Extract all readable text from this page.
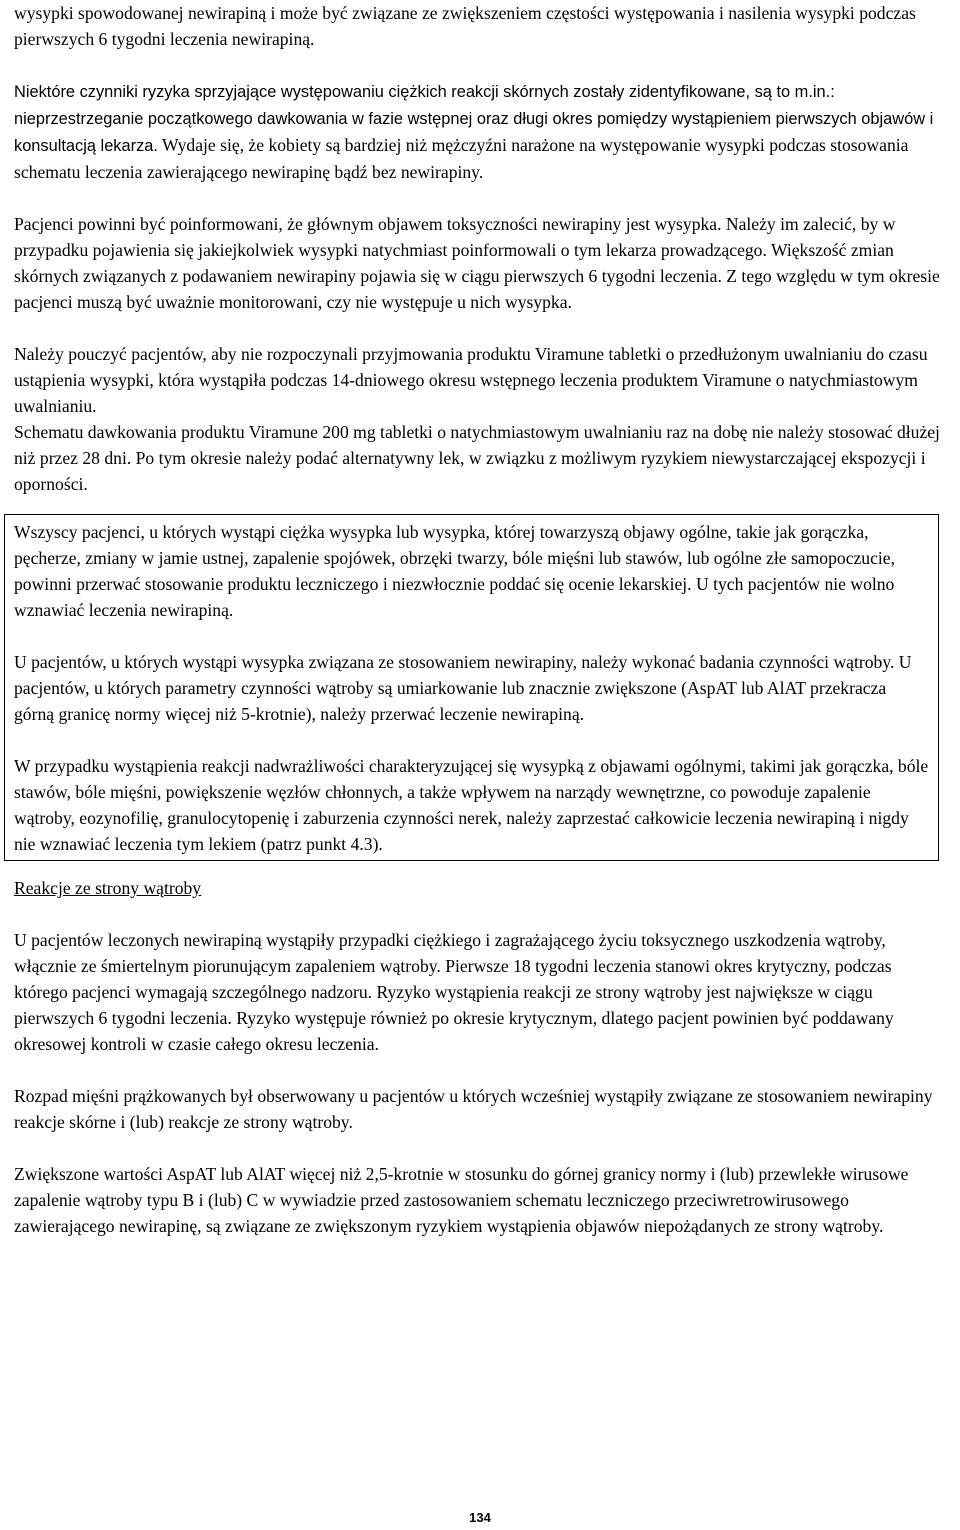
wysypki spowodowanej newirapiną i może być związane ze zwiększeniem częstości występowania i nasilenia wysypki podczas pierwszych 6 tygodni leczenia newirapiną.

Niektóre czynniki ryzyka sprzyjające występowaniu ciężkich reakcji skórnych zostały zidentyfikowane, są to m.in.: nieprzestrzeganie początkowego dawkowania w fazie wstępnej oraz długi okres pomiędzy wystąpieniem pierwszych objawów i konsultacją lekarza. Wydaje się, że kobiety są bardziej niż mężczyźni narażone na występowanie wysypki podczas stosowania schematu leczenia zawierającego newirapinę bądź bez newirapiny.

Pacjenci powinni być poinformowani, że głównym objawem toksyczności newirapiny jest wysypka. Należy im zalecić, by w przypadku pojawienia się jakiejkolwiek wysypki natychmiast poinformowali o tym lekarza prowadzącego. Większość zmian skórnych związanych z podawaniem newirapiny pojawia się w ciągu pierwszych 6 tygodni leczenia. Z tego względu w tym okresie pacjenci muszą być uważnie monitorowani, czy nie występuje u nich wysypka.

Należy pouczyć pacjentów, aby nie rozpoczynali przyjmowania produktu Viramune tabletki o przedłużonym uwalnianiu do czasu ustąpienia wysypki, która wystąpiła podczas 14-dniowego okresu wstępnego leczenia produktem Viramune o natychmiastowym uwalnianiu.

Schematu dawkowania produktu Viramune 200 mg tabletki o natychmiastowym uwalnianiu raz na dobę nie należy stosować dłużej niż przez 28 dni. Po tym okresie należy podać alternatywny lek, w związku z możliwym ryzykiem niewystarczającej ekspozycji i oporności.

Wszyscy pacjenci, u których wystąpi ciężka wysypka lub wysypka, której towarzyszą objawy ogólne, takie jak gorączka, pęcherze, zmiany w jamie ustnej, zapalenie spojówek, obrzęki twarzy, bóle mięśni lub stawów, lub ogólne złe samopoczucie, powinni przerwać stosowanie produktu leczniczego i niezwłocznie poddać się ocenie lekarskiej. U tych pacjentów nie wolno wznawiać leczenia newirapiną.

U pacjentów, u których wystąpi wysypka związana ze stosowaniem newirapiny, należy wykonać badania czynności wątroby. U pacjentów, u których parametry czynności wątroby są umiarkowanie lub znacznie zwiększone (AspAT lub AlAT przekracza górną granicę normy więcej niż 5-krotnie), należy przerwać leczenie newirapiną.

W przypadku wystąpienia reakcji nadwrażliwości charakteryzującej się wysypką z objawami ogólnymi, takimi jak gorączka, bóle stawów, bóle mięśni, powiększenie węzłów chłonnych, a także wpływem na narządy wewnętrzne, co powoduje zapalenie wątroby, eozynofilię, granulocytopenię i zaburzenia czynności nerek, należy zaprzestać całkowicie leczenia newirapiną i nigdy nie wznawiać leczenia tym lekiem (patrz punkt 4.3).

Reakcje ze strony wątroby

U pacjentów leczonych newirapiną wystąpiły przypadki ciężkiego i zagrażającego życiu toksycznego uszkodzenia wątroby, włącznie ze śmiertelnym piorunującym zapaleniem wątroby. Pierwsze 18 tygodni leczenia stanowi okres krytyczny, podczas którego pacjenci wymagają szczególnego nadzoru. Ryzyko wystąpienia reakcji ze strony wątroby jest największe w ciągu pierwszych 6 tygodni leczenia. Ryzyko występuje również po okresie krytycznym, dlatego pacjent powinien być poddawany okresowej kontroli w czasie całego okresu leczenia.

Rozpad mięśni prążkowanych był obserwowany u pacjentów u których wcześniej wystąpiły związane ze stosowaniem newirapiny reakcje skórne i (lub) reakcje ze strony wątroby.

Zwiększone wartości AspAT lub AlAT więcej niż 2,5-krotnie w stosunku do górnej granicy normy i (lub) przewlekłe wirusowe zapalenie wątroby typu B i (lub) C w wywiadzie przed zastosowaniem schematu leczniczego przeciwretrowirusowego zawierającego newirapinę, są związane ze zwiększonym ryzykiem wystąpienia objawów niepożądanych ze strony wątroby.

134
